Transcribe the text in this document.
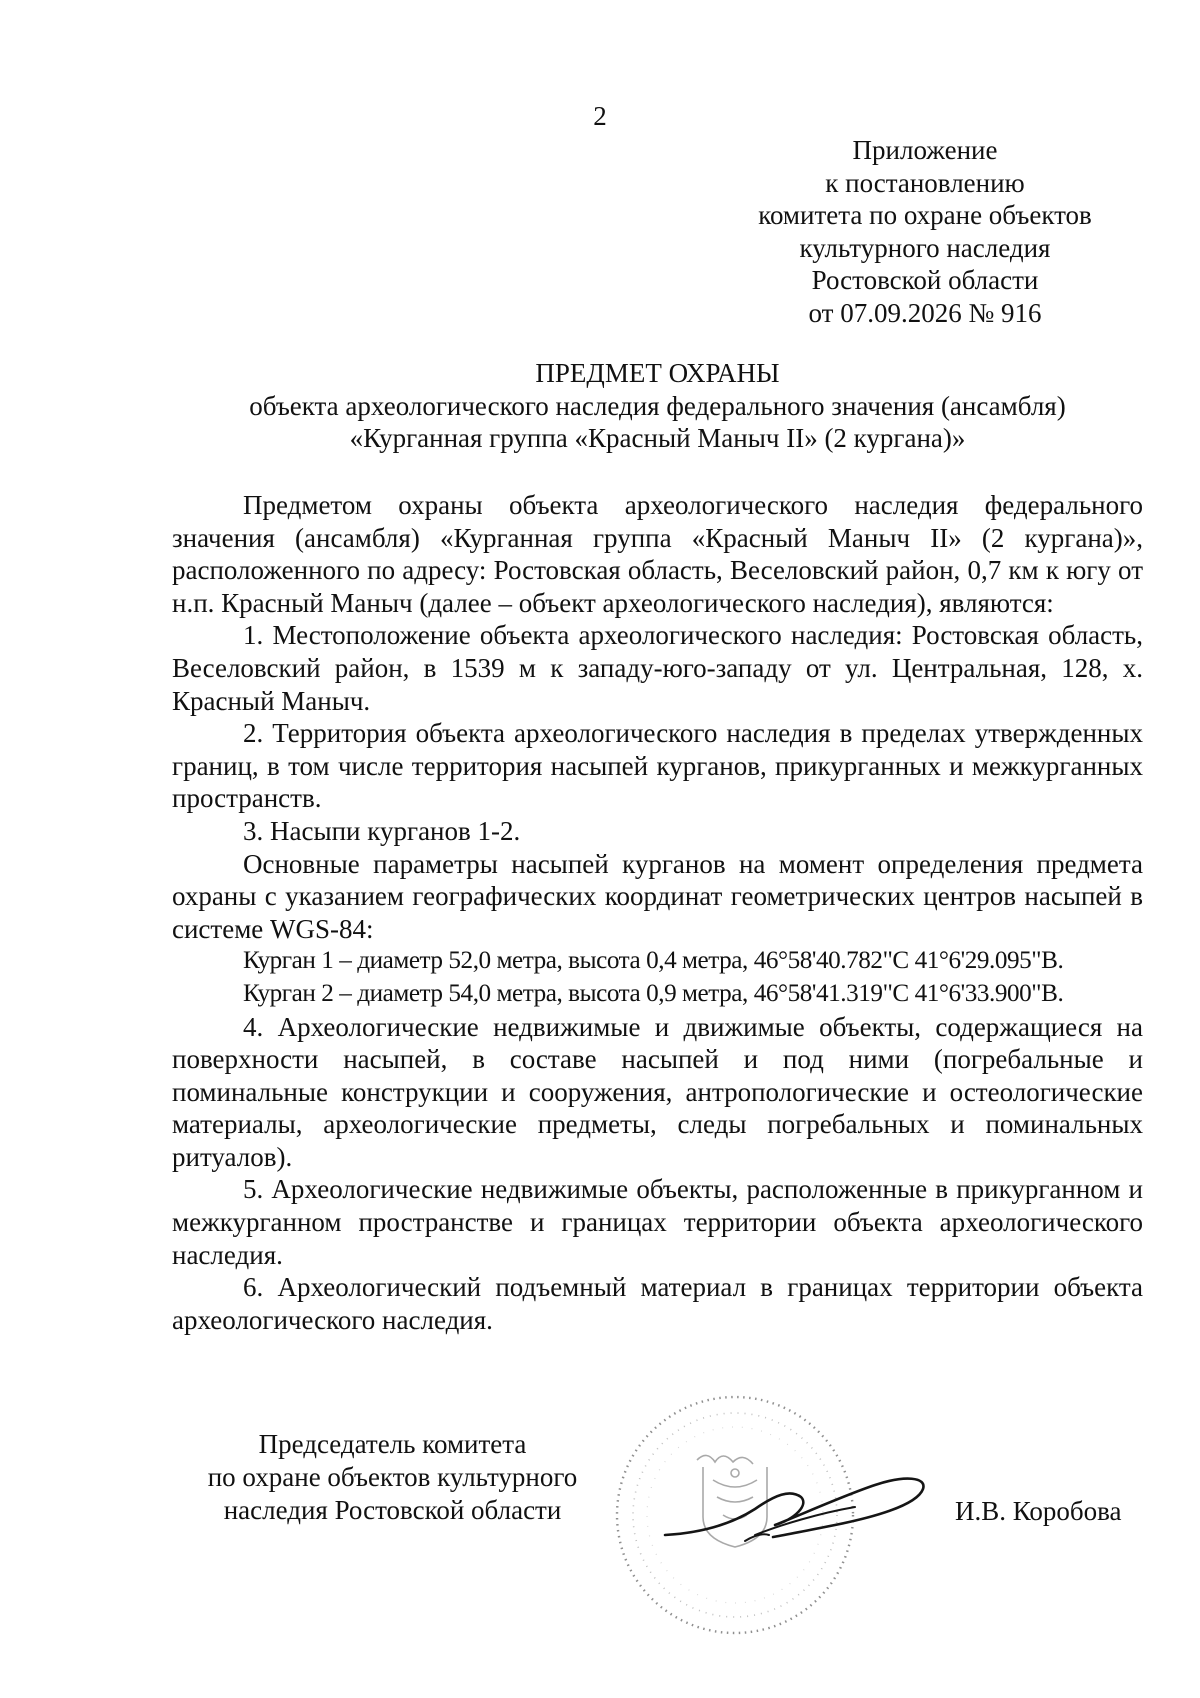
2
Приложение
к постановлению
комитета по охране объектов
культурного наследия
Ростовской области
от 07.09.2026 № 916
ПРЕДМЕТ ОХРАНЫ
объекта археологического наследия федерального значения (ансамбля)
«Курганная группа «Красный Маныч II» (2 кургана)»

Предметом охраны объекта археологического наследия федерального значения (ансамбля) «Курганная группа «Красный Маныч II» (2 кургана)», расположенного по адресу: Ростовская область, Веселовский район, 0,7 км к югу от н.п. Красный Маныч (далее – объект археологического наследия), являются:

1. Местоположение объекта археологического наследия: Ростовская область, Веселовский район, в 1539 м к западу-юго-западу от ул. Центральная, 128, х. Красный Маныч.

2. Территория объекта археологического наследия в пределах утвержденных границ, в том числе территория насыпей курганов, прикурганных и межкурганных пространств.

3. Насыпи курганов 1-2.

Основные параметры насыпей курганов на момент определения предмета охраны с указанием географических координат геометрических центров насыпей в системе WGS-84:

Курган 1 – диаметр 52,0 метра, высота 0,4 метра, 46°58'40.782"С 41°6'29.095"В.

Курган 2 – диаметр 54,0 метра, высота 0,9 метра, 46°58'41.319"С 41°6'33.900"В.

4. Археологические недвижимые и движимые объекты, содержащиеся на поверхности насыпей, в составе насыпей и под ними (погребальные и поминальные конструкции и сооружения, антропологические и остеологические материалы, археологические предметы, следы погребальных и поминальных ритуалов).

5. Археологические недвижимые объекты, расположенные в прикурганном и межкурганном пространстве и границах территории объекта археологического наследия.

6. Археологический подъемный материал в границах территории объекта археологического наследия.

Председатель комитета
по охране объектов культурного
наследия Ростовской области	И.В. Коробова
